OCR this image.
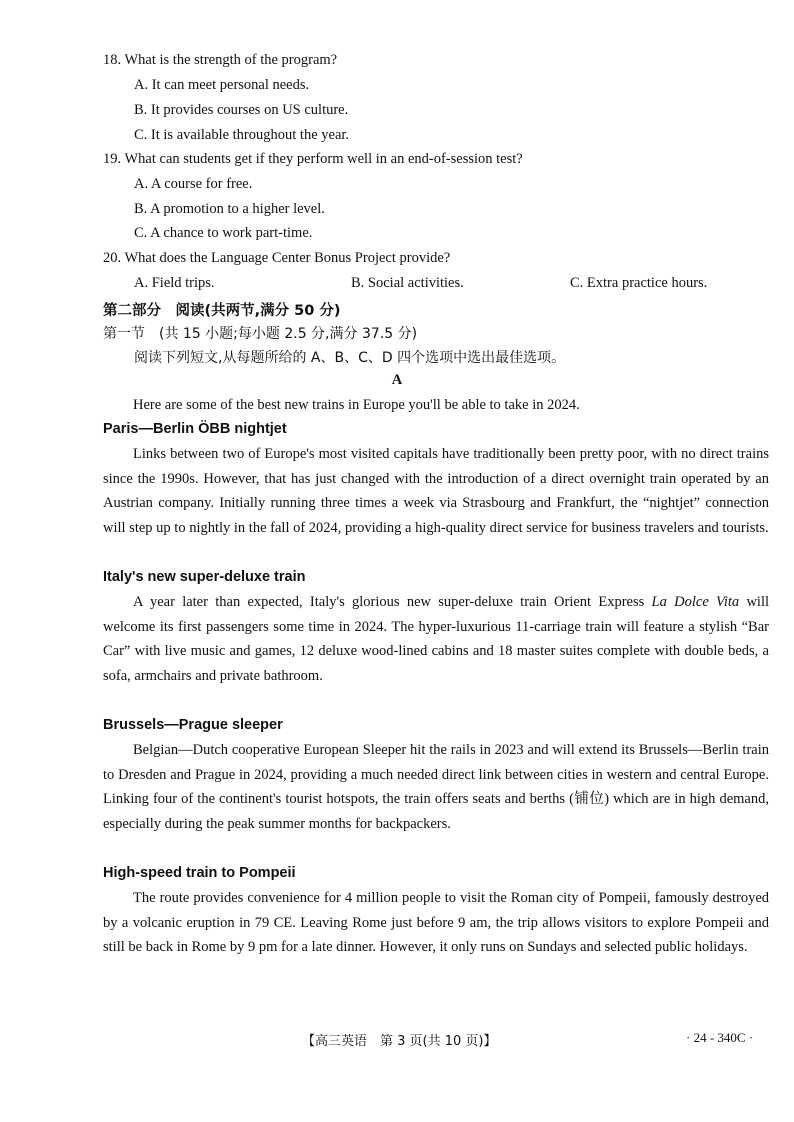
18. What is the strength of the program?
A. It can meet personal needs.
B. It provides courses on US culture.
C. It is available throughout the year.
19. What can students get if they perform well in an end-of-session test?
A. A course for free.
B. A promotion to a higher level.
C. A chance to work part-time.
20. What does the Language Center Bonus Project provide?
A. Field trips.	B. Social activities.	C. Extra practice hours.
第二部分　阅读(共两节,满分 50 分)
第一节　(共 15 小题;每小题 2.5 分,满分 37.5 分)
阅读下列短文,从每题所给的 A、B、C、D 四个选项中选出最佳选项。
A

Here are some of the best new trains in Europe you'll be able to take in 2024.

Paris—Berlin ÖBB nightjet

Links between two of Europe's most visited capitals have traditionally been pretty poor, with no direct trains since the 1990s. However, that has just changed with the introduction of a direct overnight train operated by an Austrian company. Initially running three times a week via Strasbourg and Frankfurt, the “nightjet” connection will step up to nightly in the fall of 2024, providing a high-quality direct service for business travelers and tourists.

Italy's new super-deluxe train

A year later than expected, Italy's glorious new super-deluxe train Orient Express La Dolce Vita will welcome its first passengers some time in 2024. The hyper-luxurious 11-carriage train will feature a stylish “Bar Car” with live music and games, 12 deluxe wood-lined cabins and 18 master suites complete with double beds, a sofa, armchairs and private bathroom.

Brussels—Prague sleeper

Belgian—Dutch cooperative European Sleeper hit the rails in 2023 and will extend its Brussels—Berlin train to Dresden and Prague in 2024, providing a much needed direct link between cities in western and central Europe. Linking four of the continent's tourist hotspots, the train offers seats and berths (铺位) which are in high demand, especially during the peak summer months for backpackers.

High-speed train to Pompeii

The route provides convenience for 4 million people to visit the Roman city of Pompeii, famously destroyed by a volcanic eruption in 79 CE. Leaving Rome just before 9 am, the trip allows visitors to explore Pompeii and still be back in Rome by 9 pm for a late dinner. However, it only runs on Sundays and selected public holidays.

【高三英语　第 3 页(共 10 页)】	· 24 - 340C ·
